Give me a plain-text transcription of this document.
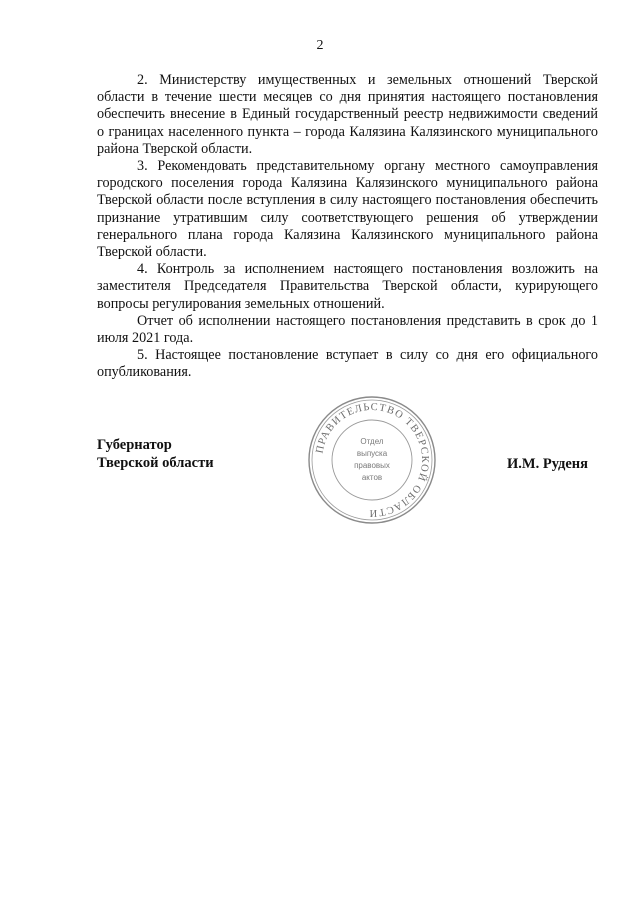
2

2. Министерству имущественных и земельных отношений Тверской области в течение шести месяцев со дня принятия настоящего постановления обеспечить внесение в Единый государственный реестр недвижимости сведений о границах населенного пункта – города Калязина Калязинского муниципального района Тверской области.

3. Рекомендовать представительному органу местного самоуправления городского поселения города Калязина Калязинского муниципального района Тверской области после вступления в силу настоящего постановления обеспечить признание утратившим силу соответствующего решения об утверждении генерального плана города Калязина Калязинского муниципального района Тверской области.

4. Контроль за исполнением настоящего постановления возложить на заместителя Председателя Правительства Тверской области, курирующего вопросы регулирования земельных отношений.

Отчет об исполнении настоящего постановления представить в срок до 1 июля 2021 года.

5. Настоящее постановление вступает в силу со дня его официального опубликования.

Губернатор
Тверской области	И.М. Руденя
ПРАВИТЕЛЬСТВО ТВЕРСКОЙ ОБЛАСТИ
Отдел
выпуска
правовых
актов
